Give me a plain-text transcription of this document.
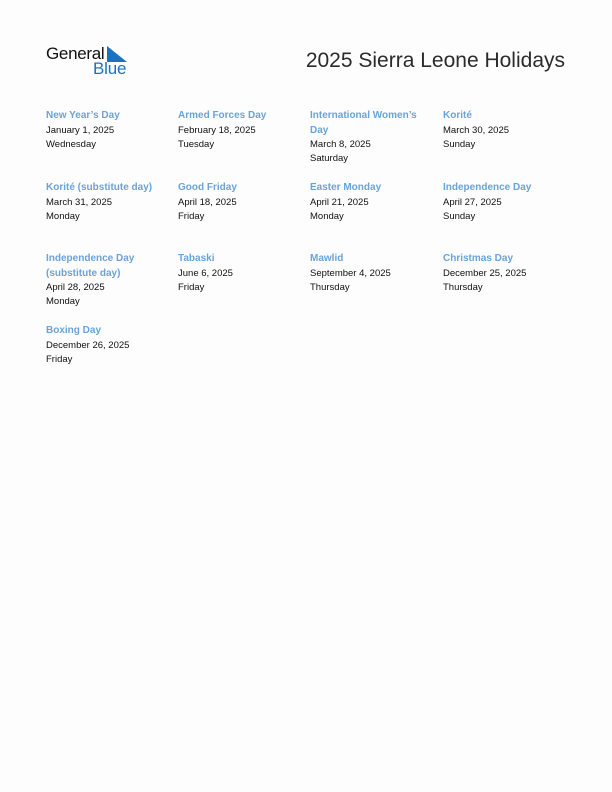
General
Blue	2025 Sierra Leone Holidays
New Year’s Day
January 1, 2025
Wednesday
Armed Forces Day
February 18, 2025
Tuesday
International Women’s Day
March 8, 2025
Saturday
Korité
March 30, 2025
Sunday
Korité (substitute day)
March 31, 2025
Monday
Good Friday
April 18, 2025
Friday
Easter Monday
April 21, 2025
Monday
Independence Day
April 27, 2025
Sunday
Independence Day (substitute day)
April 28, 2025
Monday
Tabaski
June 6, 2025
Friday
Mawlid
September 4, 2025
Thursday
Christmas Day
December 25, 2025
Thursday
Boxing Day
December 26, 2025
Friday
